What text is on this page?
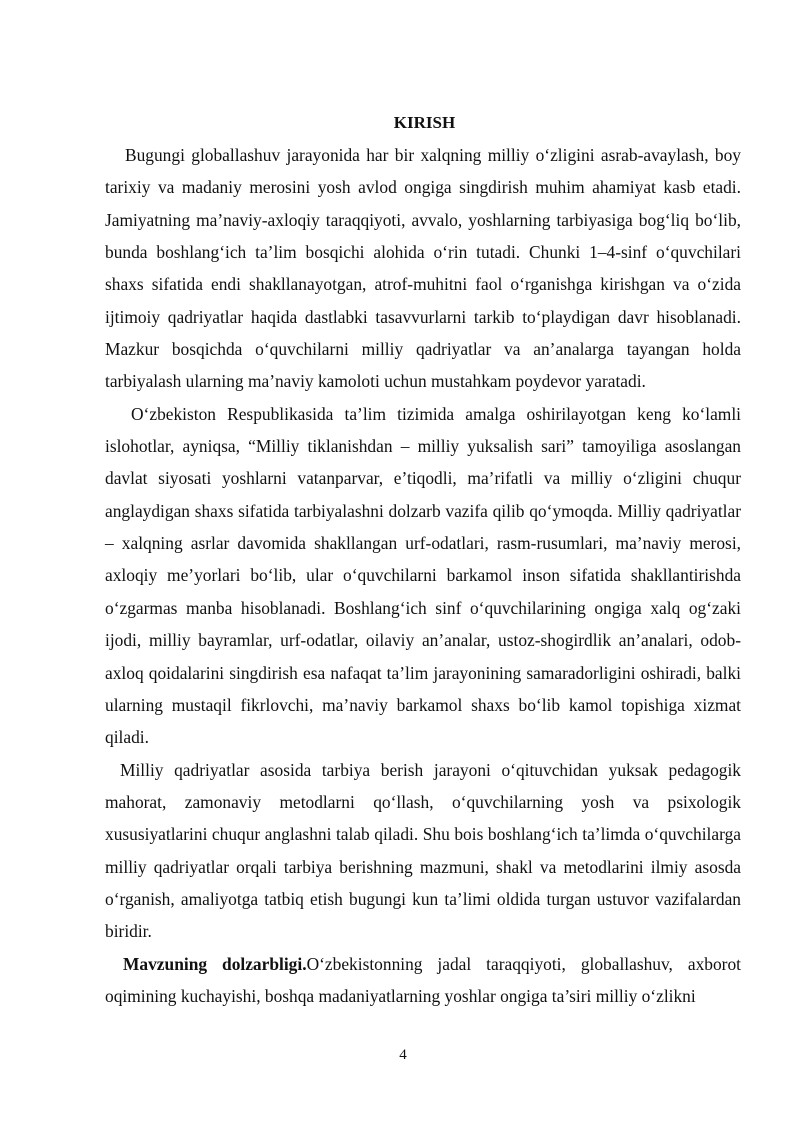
KIRISH

Bugungi globallashuv jarayonida har bir xalqning milliy o‘zligini asrab-avaylash, boy tarixiy va madaniy merosini yosh avlod ongiga singdirish muhim ahamiyat kasb etadi. Jamiyatning ma’naviy-axloqiy taraqqiyoti, avvalo, yoshlarning tarbiyasiga bog‘liq bo‘lib, bunda boshlang‘ich ta’lim bosqichi alohida o‘rin tutadi. Chunki 1–4-sinf o‘quvchilari shaxs sifatida endi shakllanayotgan, atrof-muhitni faol o‘rganishga kirishgan va o‘zida ijtimoiy qadriyatlar haqida dastlabki tasavvurlarni tarkib to‘playdigan davr hisoblanadi. Mazkur bosqichda o‘quvchilarni milliy qadriyatlar va an’analarga tayangan holda tarbiyalash ularning ma’naviy kamoloti uchun mustahkam poydevor yaratadi.

O‘zbekiston Respublikasida ta’lim tizimida amalga oshirilayotgan keng ko‘lamli islohotlar, ayniqsa, “Milliy tiklanishdan – milliy yuksalish sari” tamoyiliga asoslangan davlat siyosati yoshlarni vatanparvar, e’tiqodli, ma’rifatli va milliy o‘zligini chuqur anglaydigan shaxs sifatida tarbiyalashni dolzarb vazifa qilib qo‘ymoqda. Milliy qadriyatlar – xalqning asrlar davomida shakllangan urf-odatlari, rasm-rusumlari, ma’naviy merosi, axloqiy me’yorlari bo‘lib, ular o‘quvchilarni barkamol inson sifatida shakllantirishda o‘zgarmas manba hisoblanadi. Boshlang‘ich sinf o‘quvchilarining ongiga xalq og‘zaki ijodi, milliy bayramlar, urf-odatlar, oilaviy an’analar, ustoz-shogirdlik an’analari, odob-axloq qoidalarini singdirish esa nafaqat ta’lim jarayonining samaradorligini oshiradi, balki ularning mustaqil fikrlovchi, ma’naviy barkamol shaxs bo‘lib kamol topishiga xizmat qiladi.

Milliy qadriyatlar asosida tarbiya berish jarayoni o‘qituvchidan yuksak pedagogik mahorat, zamonaviy metodlarni qo‘llash, o‘quvchilarning yosh va psixologik xususiyatlarini chuqur anglashni talab qiladi. Shu bois boshlang‘ich ta’limda o‘quvchilarga milliy qadriyatlar orqali tarbiya berishning mazmuni, shakl va metodlarini ilmiy asosda o‘rganish, amaliyotga tatbiq etish bugungi kun ta’limi oldida turgan ustuvor vazifalardan biridir.

Mavzuning dolzarbligi.O‘zbekistonning jadal taraqqiyoti, globallashuv, axborot oqimining kuchayishi, boshqa madaniyatlarning yoshlar ongiga ta’siri milliy o‘zlikni

4
